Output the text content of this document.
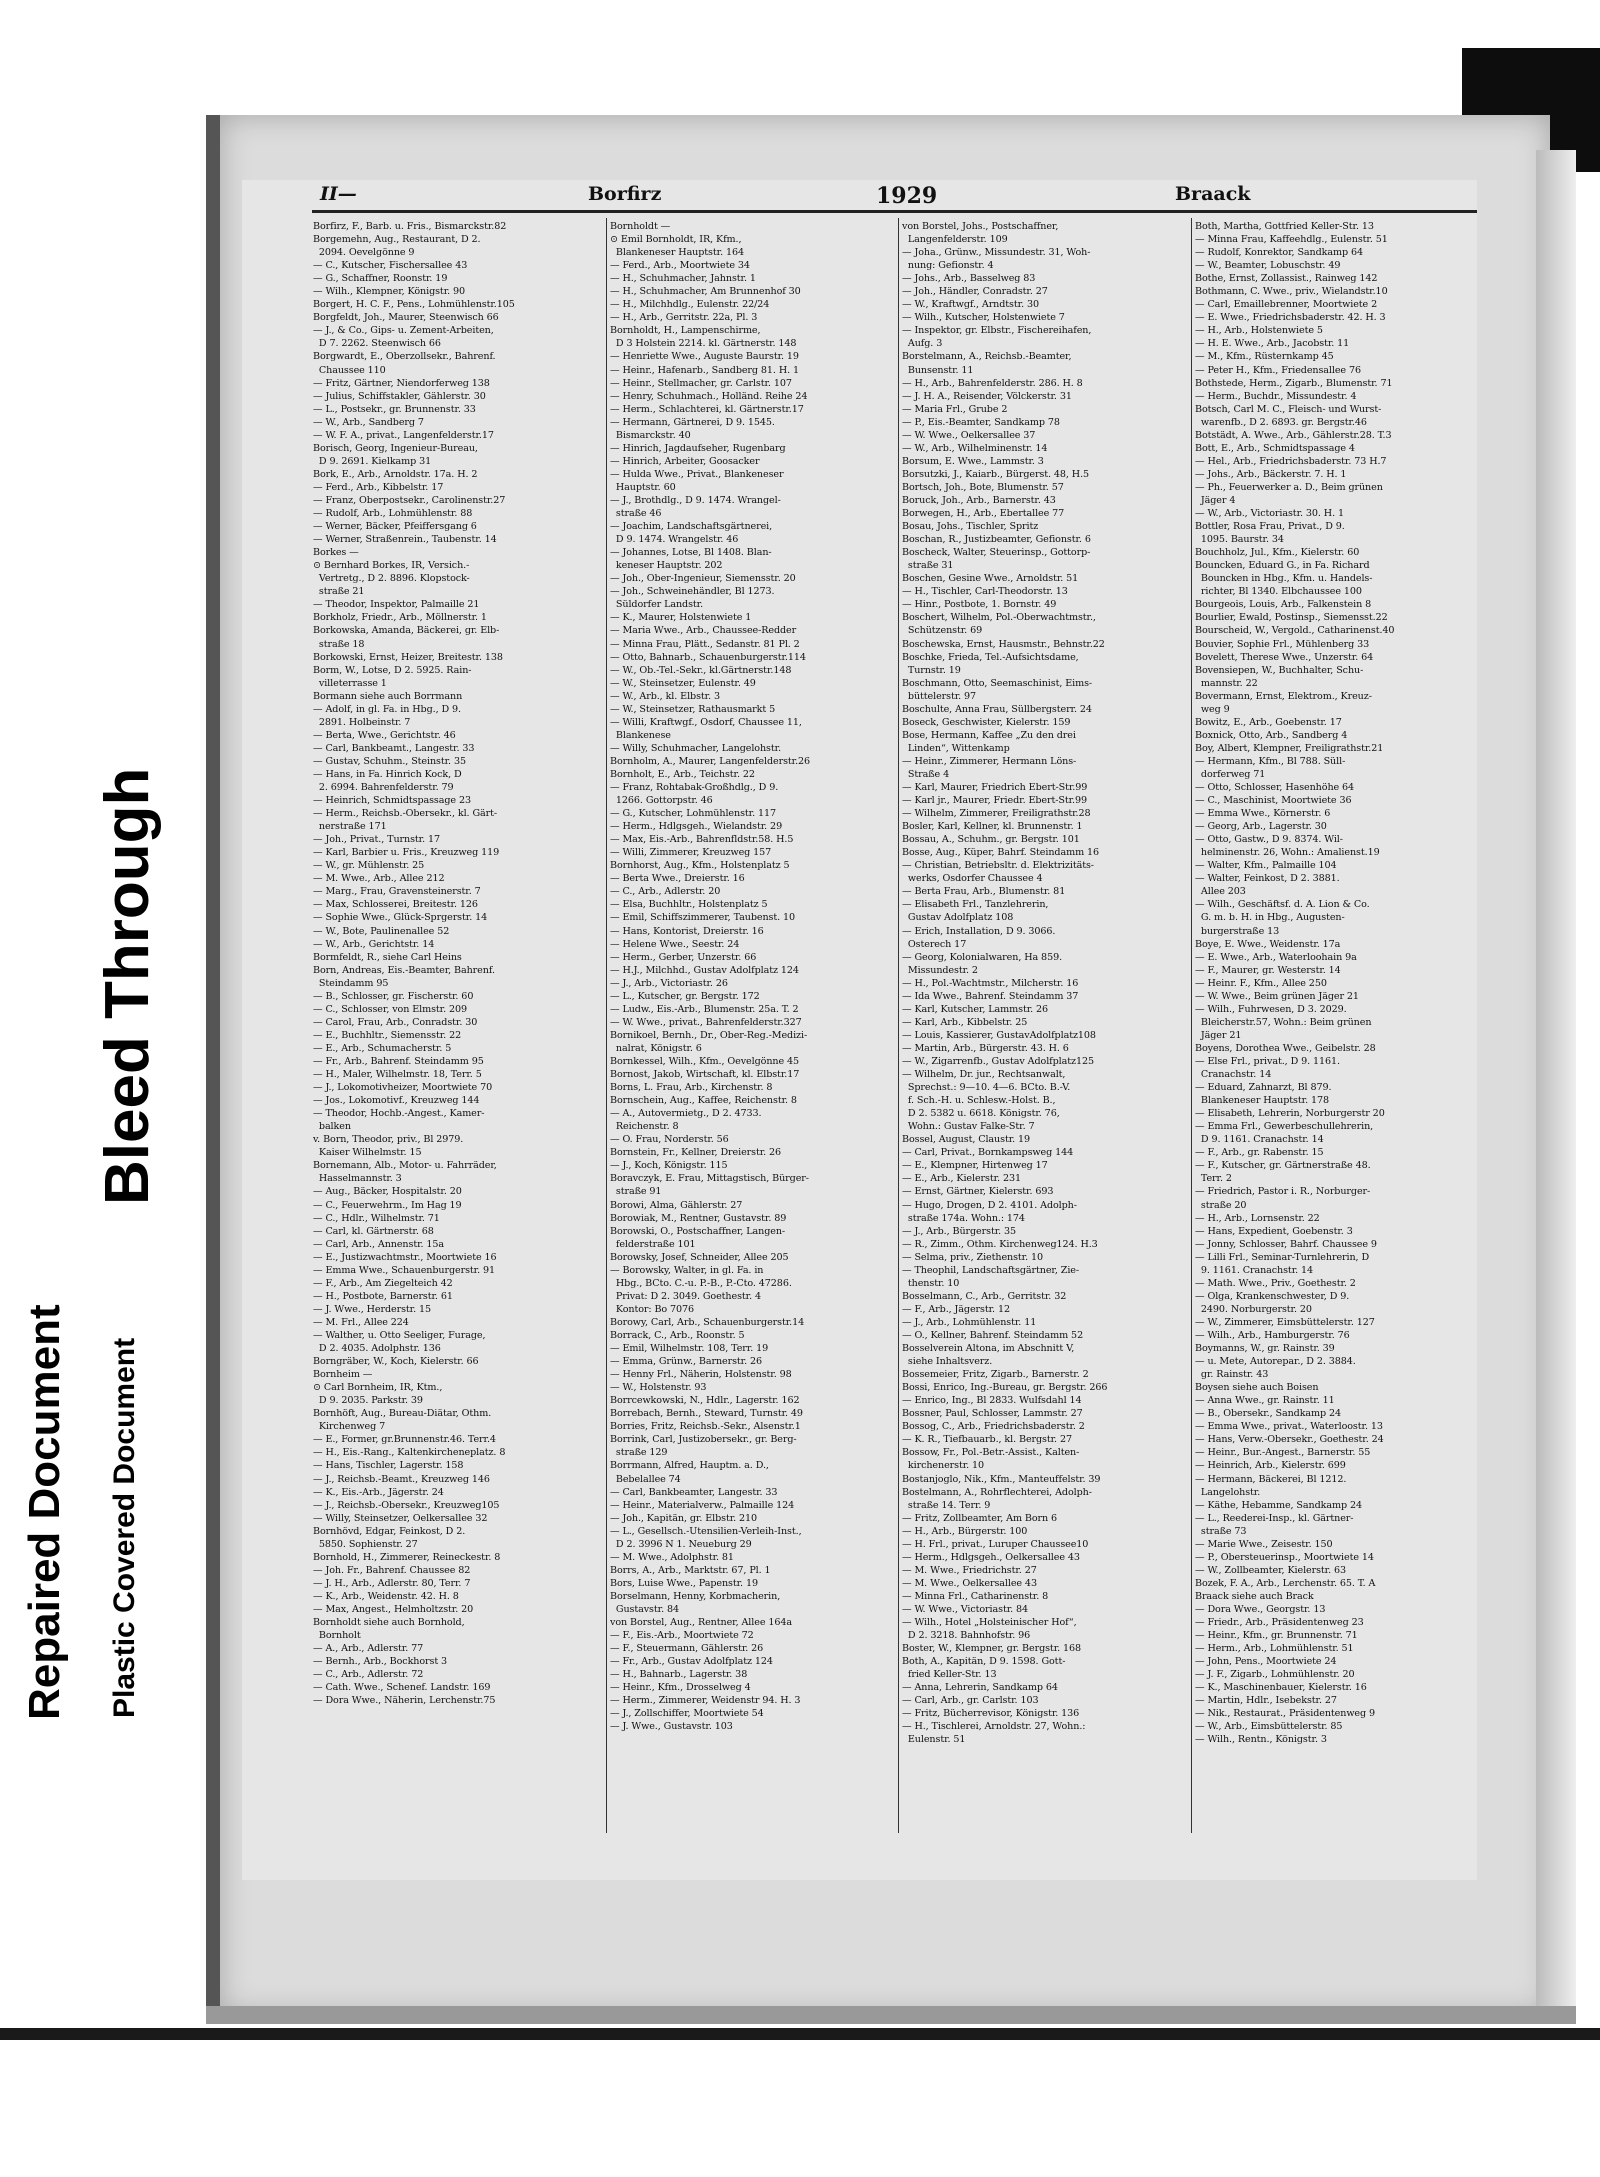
Repaired Document Plastic Covered Document
Bleed Through
II—	Borfirz	1929	Braack
Borfirz, F., Barb. u. Fris., Bismarckstr.82
Borgemehn, Aug., Restaurant, D 2.
2094. Oevelgönne 9
— C., Kutscher, Fischersallee 43
— G., Schaffner, Roonstr. 19
— Wilh., Klempner, Königstr. 90
Borgert, H. C. F., Pens., Lohmühlenstr.105
Borgfeldt, Joh., Maurer, Steenwisch 66
— J., & Co., Gips- u. Zement-Arbeiten,
D 7. 2262. Steenwisch 66
Borgwardt, E., Oberzollsekr., Bahrenf.
Chaussee 110
— Fritz, Gärtner, Niendorferweg 138
— Julius, Schiffstakler, Gählerstr. 30
— L., Postsekr., gr. Brunnenstr. 33
— W., Arb., Sandberg 7
— W. F. A., privat., Langenfelderstr.17
Borisch, Georg, Ingenieur-Bureau,
D 9. 2691. Kielkamp 31
Bork, E., Arb., Arnoldstr. 17a. H. 2
— Ferd., Arb., Kibbelstr. 17
— Franz, Oberpostsekr., Carolinenstr.27
— Rudolf, Arb., Lohmühlenstr. 88
— Werner, Bäcker, Pfeiffersgang 6
— Werner, Straßenrein., Taubenstr. 14
Borkes —
⊙ Bernhard Borkes, IR, Versich.-
Vertretg., D 2. 8896. Klopstock-
straße 21
— Theodor, Inspektor, Palmaille 21
Borkholz, Friedr., Arb., Möllnerstr. 1
Borkowska, Amanda, Bäckerei, gr. Elb-
straße 18
Borkowski, Ernst, Heizer, Breitestr. 138
Borm, W., Lotse, D 2. 5925. Rain-
villeterrasse 1
Bormann siehe auch Borrmann
— Adolf, in gl. Fa. in Hbg., D 9.
2891. Holbeinstr. 7
— Berta, Wwe., Gerichtstr. 46
— Carl, Bankbeamt., Langestr. 33
— Gustav, Schuhm., Steinstr. 35
— Hans, in Fa. Hinrich Kock, D
2. 6994. Bahrenfelderstr. 79
— Heinrich, Schmidtspassage 23
— Herm., Reichsb.-Obersekr., kl. Gärt-
nerstraße 171
— Joh., Privat., Turnstr. 17
— Karl, Barbier u. Fris., Kreuzweg 119
— W., gr. Mühlenstr. 25
— M. Wwe., Arb., Allee 212
— Marg., Frau, Gravensteinerstr. 7
— Max, Schlosserei, Breitestr. 126
— Sophie Wwe., Glück-Sprgerstr. 14
— W., Bote, Paulinenallee 52
— W., Arb., Gerichtstr. 14
Bormfeldt, R., siehe Carl Heins
Born, Andreas, Eis.-Beamter, Bahrenf.
Steindamm 95
— B., Schlosser, gr. Fischerstr. 60
— C., Schlosser, von Elmstr. 209
— Carol, Frau, Arb., Conradstr. 30
— E., Buchhltr., Siemensstr. 22
— E., Arb., Schumacherstr. 5
— Fr., Arb., Bahrenf. Steindamm 95
— H., Maler, Wilhelmstr. 18, Terr. 5
— J., Lokomotivheizer, Moortwiete 70
— Jos., Lokomotivf., Kreuzweg 144
— Theodor, Hochb.-Angest., Kamer-
balken
v. Born, Theodor, priv., Bl 2979.
Kaiser Wilhelmstr. 15
Bornemann, Alb., Motor- u. Fahrräder,
Hasselmannstr. 3
— Aug., Bäcker, Hospitalstr. 20
— C., Feuerwehrm., Im Hag 19
— C., Hdlr., Wilhelmstr. 71
— Carl, kl. Gärtnerstr. 68
— Carl, Arb., Annenstr. 15a
— E., Justizwachtmstr., Moortwiete 16
— Emma Wwe., Schauenburgerstr. 91
— F., Arb., Am Ziegelteich 42
— H., Postbote, Barnerstr. 61
— J. Wwe., Herderstr. 15
— M. Frl., Allee 224
— Walther, u. Otto Seeliger, Furage,
D 2. 4035. Adolphstr. 136
Borngräber, W., Koch, Kielerstr. 66
Bornheim —
⊙ Carl Bornheim, IR, Ktm.,
D 9. 2035. Parkstr. 39
Bornhöft, Aug., Bureau-Diätar, Othm.
Kirchenweg 7
— E., Former, gr.Brunnenstr.46. Terr.4
— H., Eis.-Rang., Kaltenkircheneplatz. 8
— Hans, Tischler, Lagerstr. 158
— J., Reichsb.-Beamt., Kreuzweg 146
— K., Eis.-Arb., Jägerstr. 24
— J., Reichsb.-Obersekr., Kreuzweg105
— Willy, Steinsetzer, Oelkersallee 32
Bornhövd, Edgar, Feinkost, D 2.
5850. Sophienstr. 27
Bornhold, H., Zimmerer, Reineckestr. 8
— Joh. Fr., Bahrenf. Chaussee 82
— J. H., Arb., Adlerstr. 80, Terr. 7
— K., Arb., Weidenstr. 42. H. 8
— Max, Angest., Helmholtzstr. 20
Bornholdt siehe auch Bornhold,
Bornholt
— A., Arb., Adlerstr. 77
— Bernh., Arb., Bockhorst 3
— C., Arb., Adlerstr. 72
— Cath. Wwe., Schenef. Landstr. 169
— Dora Wwe., Näherin, Lerchenstr.75
Bornholdt —
⊙ Emil Bornholdt, IR, Kfm.,
Blankeneser Hauptstr. 164
— Ferd., Arb., Moortwiete 34
— H., Schuhmacher, Jahnstr. 1
— H., Schuhmacher, Am Brunnenhof 30
— H., Milchhdlg., Eulenstr. 22/24
— H., Arb., Gerritstr. 22a, Pl. 3
Bornholdt, H., Lampenschirme,
D 3 Holstein 2214. kl. Gärtnerstr. 148
— Henriette Wwe., Auguste Baurstr. 19
— Heinr., Hafenarb., Sandberg 81. H. 1
— Heinr., Stellmacher, gr. Carlstr. 107
— Henry, Schuhmach., Holländ. Reihe 24
— Herm., Schlachterei, kl. Gärtnerstr.17
— Hermann, Gärtnerei, D 9. 1545.
Bismarckstr. 40
— Hinrich, Jagdaufseher, Rugenbarg
— Hinrich, Arbeiter, Goosacker
— Hulda Wwe., Privat., Blankeneser
Hauptstr. 60
— J., Brothdlg., D 9. 1474. Wrangel-
straße 46
— Joachim, Landschaftsgärtnerei,
D 9. 1474. Wrangelstr. 46
— Johannes, Lotse, Bl 1408. Blan-
keneser Hauptstr. 202
— Joh., Ober-Ingenieur, Siemensstr. 20
— Joh., Schweinehändler, Bl 1273.
Süldorfer Landstr.
— K., Maurer, Holstenwiete 1
— Maria Wwe., Arb., Chaussee-Redder
— Minna Frau, Plätt., Sedanstr. 81 Pl. 2
— Otto, Bahnarb., Schauenburgerstr.114
— W., Ob.-Tel.-Sekr., kl.Gärtnerstr.148
— W., Steinsetzer, Eulenstr. 49
— W., Arb., kl. Elbstr. 3
— W., Steinsetzer, Rathausmarkt 5
— Willi, Kraftwgf., Osdorf, Chaussee 11,
Blankenese
— Willy, Schuhmacher, Langelohstr.
Bornholm, A., Maurer, Langenfelderstr.26
Bornholt, E., Arb., Teichstr. 22
— Franz, Rohtabak-Großhdlg., D 9.
1266. Gottorpstr. 46
— G., Kutscher, Lohmühlenstr. 117
— Herm., Hdlgsgeh., Wielandstr. 29
— Max, Eis.-Arb., Bahrenfldstr.58. H.5
— Willi, Zimmerer, Kreuzweg 157
Bornhorst, Aug., Kfm., Holstenplatz 5
— Berta Wwe., Dreierstr. 16
— C., Arb., Adlerstr. 20
— Elsa, Buchhltr., Holstenplatz 5
— Emil, Schiffszimmerer, Taubenst. 10
— Hans, Kontorist, Dreierstr. 16
— Helene Wwe., Seestr. 24
— Herm., Gerber, Unzerstr. 66
— H.J., Milchhd., Gustav Adolfplatz 124
— J., Arb., Victoriastr. 26
— L., Kutscher, gr. Bergstr. 172
— Ludw., Eis.-Arb., Blumenstr. 25a. T. 2
— W. Wwe., privat., Bahrenfelderstr.327
Bornikoel, Bernh., Dr., Ober-Reg.-Medizi-
nalrat, Königstr. 6
Bornkessel, Wilh., Kfm., Oevelgönne 45
Bornost, Jakob, Wirtschaft, kl. Elbstr.17
Borns, L. Frau, Arb., Kirchenstr. 8
Bornschein, Aug., Kaffee, Reichenstr. 8
— A., Autovermietg., D 2. 4733.
Reichenstr. 8
— O. Frau, Norderstr. 56
Bornstein, Fr., Kellner, Dreierstr. 26
— J., Koch, Königstr. 115
Boravczyk, E. Frau, Mittagstisch, Bürger-
straße 91
Borowi, Alma, Gählerstr. 27
Borowiak, M., Rentner, Gustavstr. 89
Borowski, O., Postschaffner, Langen-
felderstraße 101
Borowsky, Josef, Schneider, Allee 205
— Borowsky, Walter, in gl. Fa. in
Hbg., BCto. C.-u. P.-B., P.-Cto. 47286.
Privat: D 2. 3049. Goethestr. 4
Kontor: Bo 7076
Borowy, Carl, Arb., Schauenburgerstr.14
Borrack, C., Arb., Roonstr. 5
— Emil, Wilhelmstr. 108, Terr. 19
— Emma, Grünw., Barnerstr. 26
— Henny Frl., Näherin, Holstenstr. 98
— W., Holstenstr. 93
Borrcewkowski, N., Hdlr., Lagerstr. 162
Borrebach, Bernh., Steward, Turnstr. 49
Borries, Fritz, Reichsb.-Sekr., Alsenstr.1
Borrink, Carl, Justizobersekr., gr. Berg-
straße 129
Borrmann, Alfred, Hauptm. a. D.,
Bebelallee 74
— Carl, Bankbeamter, Langestr. 33
— Heinr., Materialverw., Palmaille 124
— Joh., Kapitän, gr. Elbstr. 210
— L., Gesellsch.-Utensilien-Verleih-Inst.,
D 2. 3996 N 1. Neueburg 29
— M. Wwe., Adolphstr. 81
Borrs, A., Arb., Marktstr. 67, Pl. 1
Bors, Luise Wwe., Papenstr. 19
Borselmann, Henny, Korbmacherin,
Gustavstr. 84
von Borstel, Aug., Rentner, Allee 164a
— F., Eis.-Arb., Moortwiete 72
— F., Steuermann, Gählerstr. 26
— Fr., Arb., Gustav Adolfplatz 124
— H., Bahnarb., Lagerstr. 38
— Heinr., Kfm., Drosselweg 4
— Herm., Zimmerer, Weidenstr 94. H. 3
— J., Zollschiffer, Moortwiete 54
— J. Wwe., Gustavstr. 103
von Borstel, Johs., Postschaffner,
Langenfelderstr. 109
— Joha., Grünw., Missundestr. 31, Woh-
nung: Gefionstr. 4
— Johs., Arb., Basselweg 83
— Joh., Händler, Conradstr. 27
— W., Kraftwgf., Arndtstr. 30
— Wilh., Kutscher, Holstenwiete 7
— Inspektor, gr. Elbstr., Fischereihafen,
Aufg. 3
Borstelmann, A., Reichsb.-Beamter,
Bunsenstr. 11
— H., Arb., Bahrenfelderstr. 286. H. 8
— J. H. A., Reisender, Völckerstr. 31
— Maria Frl., Grube 2
— P., Eis.-Beamter, Sandkamp 78
— W. Wwe., Oelkersallee 37
— W., Arb., Wilhelminenstr. 14
Borsum, E. Wwe., Lammstr. 3
Borsutzki, J., Kaiarb., Bürgerst. 48, H.5
Bortsch, Joh., Bote, Blumenstr. 57
Boruck, Joh., Arb., Barnerstr. 43
Borwegen, H., Arb., Ebertallee 77
Bosau, Johs., Tischler, Spritz
Boschan, R., Justizbeamter, Gefionstr. 6
Boscheck, Walter, Steuerinsp., Gottorp-
straße 31
Boschen, Gesine Wwe., Arnoldstr. 51
— H., Tischler, Carl-Theodorstr. 13
— Hinr., Postbote, 1. Bornstr. 49
Boschert, Wilhelm, Pol.-Oberwachtmstr.,
Schützenstr. 69
Boschewska, Ernst, Hausmstr., Behnstr.22
Boschke, Frieda, Tel.-Aufsichtsdame,
Turnstr. 19
Boschmann, Otto, Seemaschinist, Eims-
büttelerstr. 97
Boschulte, Anna Frau, Süllbergsterr. 24
Boseck, Geschwister, Kielerstr. 159
Bose, Hermann, Kaffee „Zu den drei
Linden“, Wittenkamp
— Heinr., Zimmerer, Hermann Löns-
Straße 4
— Karl, Maurer, Friedrich Ebert-Str.99
— Karl jr., Maurer, Friedr. Ebert-Str.99
— Wilhelm, Zimmerer, Freiligrathstr.28
Bosler, Karl, Kellner, kl. Brunnenstr. 1
Bossau, A., Schuhm., gr. Bergstr. 101
Bosse, Aug., Küper, Bahrf. Steindamm 16
— Christian, Betriebsltr. d. Elektrizitäts-
werks, Osdorfer Chaussee 4
— Berta Frau, Arb., Blumenstr. 81
— Elisabeth Frl., Tanzlehrerin,
Gustav Adolfplatz 108
— Erich, Installation, D 9. 3066.
Osterech 17
— Georg, Kolonialwaren, Ha 859.
Missundestr. 2
— H., Pol.-Wachtmstr., Milcherstr. 16
— Ida Wwe., Bahrenf. Steindamm 37
— Karl, Kutscher, Lammstr. 26
— Karl, Arb., Kibbelstr. 25
— Louis, Kassierer, GustavAdolfplatz108
— Martin, Arb., Bürgerstr. 43. H. 6
— W., Zigarrenfb., Gustav Adolfplatz125
— Wilhelm, Dr. jur., Rechtsanwalt,
Sprechst.: 9—10. 4—6. BCto. B.-V.
f. Sch.-H. u. Schlesw.-Holst. B.,
D 2. 5382 u. 6618. Königstr. 76,
Wohn.: Gustav Falke-Str. 7
Bossel, August, Claustr. 19
— Carl, Privat., Bornkampsweg 144
— E., Klempner, Hirtenweg 17
— E., Arb., Kielerstr. 231
— Ernst, Gärtner, Kielerstr. 693
— Hugo, Drogen, D 2. 4101. Adolph-
straße 174a. Wohn.: 174
— J., Arb., Bürgerstr. 35
— R., Zimm., Othm. Kirchenweg124. H.3
— Selma, priv., Ziethenstr. 10
— Theophil, Landschaftsgärtner, Zie-
thenstr. 10
Bosselmann, C., Arb., Gerritstr. 32
— F., Arb., Jägerstr. 12
— J., Arb., Lohmühlenstr. 11
— O., Kellner, Bahrenf. Steindamm 52
Bosselverein Altona, im Abschnitt V,
siehe Inhaltsverz.
Bossemeier, Fritz, Zigarb., Barnerstr. 2
Bossi, Enrico, Ing.-Bureau, gr. Bergstr. 266
— Enrico, Ing., Bl 2833. Wulfsdahl 14
Bossner, Paul, Schlosser, Lammstr. 27
Bossog, C., Arb., Friedrichsbaderstr. 2
— K. R., Tiefbauarb., kl. Bergstr. 27
Bossow, Fr., Pol.-Betr.-Assist., Kalten-
kirchenerstr. 10
Bostanjoglo, Nik., Kfm., Manteuffelstr. 39
Bostelmann, A., Rohrflechterei, Adolph-
straße 14. Terr. 9
— Fritz, Zollbeamter, Am Born 6
— H., Arb., Bürgerstr. 100
— H. Frl., privat., Luruper Chaussee10
— Herm., Hdlgsgeh., Oelkersallee 43
— M. Wwe., Friedrichstr. 27
— M. Wwe., Oelkersallee 43
— Minna Frl., Catharinenstr. 8
— W. Wwe., Victoriastr. 84
— Wilh., Hotel „Holsteinischer Hof“,
D 2. 3218. Bahnhofstr. 96
Boster, W., Klempner, gr. Bergstr. 168
Both, A., Kapitän, D 9. 1598. Gott-
fried Keller-Str. 13
— Anna, Lehrerin, Sandkamp 64
— Carl, Arb., gr. Carlstr. 103
— Fritz, Bücherrevisor, Königstr. 136
— H., Tischlerei, Arnoldstr. 27, Wohn.:
Eulenstr. 51
Both, Martha, Gottfried Keller-Str. 13
— Minna Frau, Kaffeehdlg., Eulenstr. 51
— Rudolf, Konrektor, Sandkamp 64
— W., Beamter, Lobuschstr. 49
Bothe, Ernst, Zollassist., Rainweg 142
Bothmann, C. Wwe., priv., Wielandstr.10
— Carl, Emaillebrenner, Moortwiete 2
— E. Wwe., Friedrichsbaderstr. 42. H. 3
— H., Arb., Holstenwiete 5
— H. E. Wwe., Arb., Jacobstr. 11
— M., Kfm., Rüsternkamp 45
— Peter H., Kfm., Friedensallee 76
Bothstede, Herm., Zigarb., Blumenstr. 71
— Herm., Buchdr., Missundestr. 4
Botsch, Carl M. C., Fleisch- und Wurst-
warenfb., D 2. 6893. gr. Bergstr.46
Botstädt, A. Wwe., Arb., Gählerstr.28. T.3
Bott, E., Arb., Schmidtspassage 4
— Hel., Arb., Friedrichsbaderstr. 73 H.7
— Johs., Arb., Bäckerstr. 7. H. 1
— Ph., Feuerwerker a. D., Beim grünen
Jäger 4
— W., Arb., Victoriastr. 30. H. 1
Bottler, Rosa Frau, Privat., D 9.
1095. Baurstr. 34
Bouchholz, Jul., Kfm., Kielerstr. 60
Bouncken, Eduard G., in Fa. Richard
Bouncken in Hbg., Kfm. u. Handels-
richter, Bl 1340. Elbchaussee 100
Bourgeois, Louis, Arb., Falkenstein 8
Bourlier, Ewald, Postinsp., Siemensst.22
Bourscheid, W., Vergold., Catharinenst.40
Bouvier, Sophie Frl., Mühlenberg 33
Bovelett, Therese Wwe., Unzerstr. 64
Bovensiepen, W., Buchhalter, Schu-
mannstr. 22
Bovermann, Ernst, Elektrom., Kreuz-
weg 9
Bowitz, E., Arb., Goebenstr. 17
Boxnick, Otto, Arb., Sandberg 4
Boy, Albert, Klempner, Freiligrathstr.21
— Hermann, Kfm., Bl 788. Süll-
dorferweg 71
— Otto, Schlosser, Hasenhöhe 64
— C., Maschinist, Moortwiete 36
— Emma Wwe., Körnerstr. 6
— Georg, Arb., Lagerstr. 30
— Otto, Gastw., D 9. 8374. Wil-
helminenstr. 26, Wohn.: Amalienst.19
— Walter, Kfm., Palmaille 104
— Walter, Feinkost, D 2. 3881.
Allee 203
— Wilh., Geschäftsf. d. A. Lion & Co.
G. m. b. H. in Hbg., Augusten-
burgerstraße 13
Boye, E. Wwe., Weidenstr. 17a
— E. Wwe., Arb., Waterloohain 9a
— F., Maurer, gr. Westerstr. 14
— Heinr. F., Kfm., Allee 250
— W. Wwe., Beim grünen Jäger 21
— Wilh., Fuhrwesen, D 3. 2029.
Bleicherstr.57, Wohn.: Beim grünen
Jäger 21
Boyens, Dorothea Wwe., Geibelstr. 28
— Else Frl., privat., D 9. 1161.
Cranachstr. 14
— Eduard, Zahnarzt, Bl 879.
Blankeneser Hauptstr. 178
— Elisabeth, Lehrerin, Norburgerstr 20
— Emma Frl., Gewerbeschullehrerin,
D 9. 1161. Cranachstr. 14
— F., Arb., gr. Rabenstr. 15
— F., Kutscher, gr. Gärtnerstraße 48.
Terr. 2
— Friedrich, Pastor i. R., Norburger-
straße 20
— H., Arb., Lornsenstr. 22
— Hans, Expedient, Goebenstr. 3
— Jonny, Schlosser, Bahrf. Chaussee 9
— Lilli Frl., Seminar-Turnlehrerin, D
9. 1161. Cranachstr. 14
— Math. Wwe., Priv., Goethestr. 2
— Olga, Krankenschwester, D 9.
2490. Norburgerstr. 20
— W., Zimmerer, Eimsbüttelerstr. 127
— Wilh., Arb., Hamburgerstr. 76
Boymanns, W., gr. Rainstr. 39
— u. Mete, Autorepar., D 2. 3884.
gr. Rainstr. 43
Boysen siehe auch Boisen
— Anna Wwe., gr. Rainstr. 11
— B., Obersekr., Sandkamp 24
— Emma Wwe., privat., Waterloostr. 13
— Hans, Verw.-Obersekr., Goethestr. 24
— Heinr., Bur.-Angest., Barnerstr. 55
— Heinrich, Arb., Kielerstr. 699
— Hermann, Bäckerei, Bl 1212.
Langelohstr.
— Käthe, Hebamme, Sandkamp 24
— L., Reederei-Insp., kl. Gärtner-
straße 73
— Marie Wwe., Zeisestr. 150
— P., Obersteuerinsp., Moortwiete 14
— W., Zollbeamter, Kielerstr. 63
Bozek, F. A., Arb., Lerchenstr. 65. T. A
Braack siehe auch Brack
— Dora Wwe., Georgstr. 13
— Friedr., Arb., Präsidentenweg 23
— Heinr., Kfm., gr. Brunnenstr. 71
— Herm., Arb., Lohmühlenstr. 51
— John, Pens., Moortwiete 24
— J. F., Zigarb., Lohmühlenstr. 20
— K., Maschinenbauer, Kielerstr. 16
— Martin, Hdlr., Isebekstr. 27
— Nik., Restaurat., Präsidentenweg 9
— W., Arb., Eimsbüttelerstr. 85
— Wilh., Rentn., Königstr. 3
